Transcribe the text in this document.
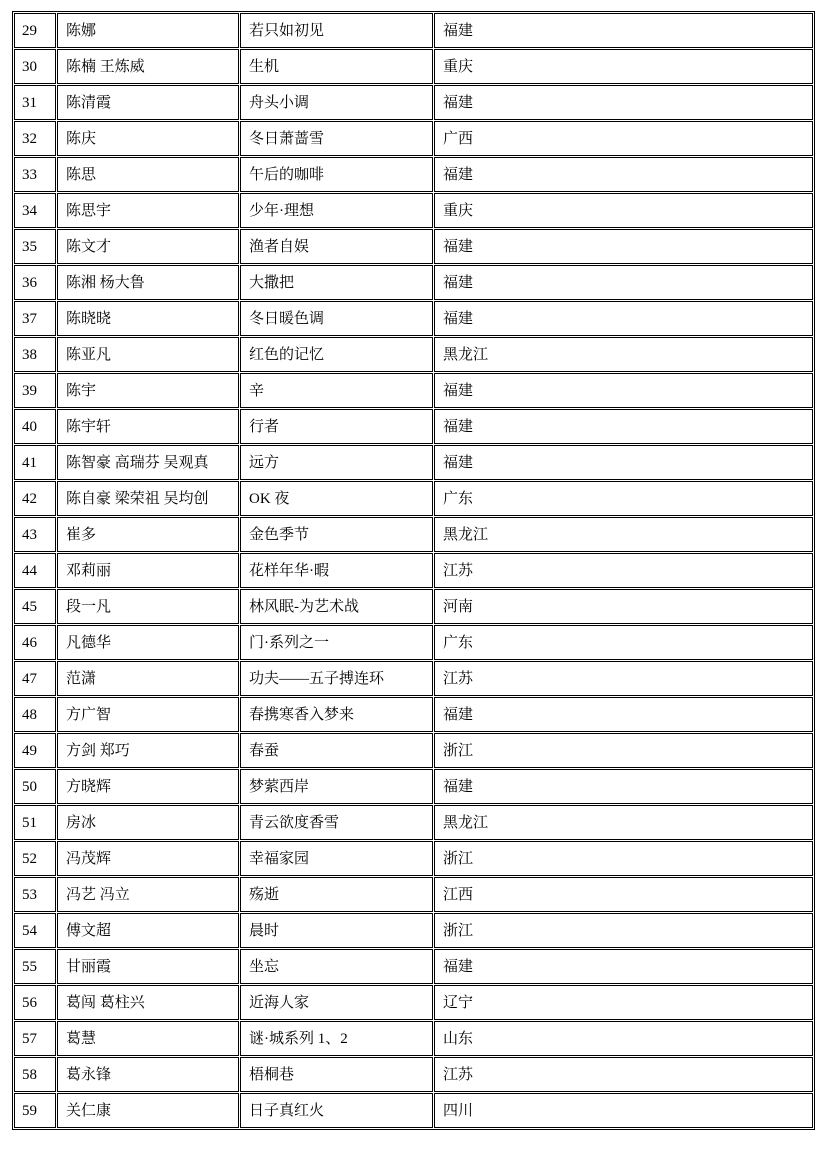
29	陈娜	若只如初见	福建
30	陈楠 王炼威	生机	重庆
31	陈清霞	舟头小调	福建
32	陈庆	冬日萧蔷雪	广西
33	陈思	午后的咖啡	福建
34	陈思宇	少年·理想	重庆
35	陈文才	渔者自娱	福建
36	陈湘 杨大鲁	大撒把	福建
37	陈晓晓	冬日暖色调	福建
38	陈亚凡	红色的记忆	黑龙江
39	陈宇	辛	福建
40	陈宇轩	行者	福建
41	陈智豪 高瑞芬 吴观真	远方	福建
42	陈自豪 梁荣祖 吴均创	OK 夜	广东
43	崔多	金色季节	黑龙江
44	邓莉丽	花样年华·暇	江苏
45	段一凡	林风眠-为艺术战	河南
46	凡德华	门·系列之一	广东
47	范潇	功夫——五子搏连环	江苏
48	方广智	春携寒香入梦来	福建
49	方剑 郑巧	春蚕	浙江
50	方晓辉	梦萦西岸	福建
51	房冰	青云欲度香雪	黑龙江
52	冯茂辉	幸福家园	浙江
53	冯艺 冯立	殇逝	江西
54	傅文超	晨时	浙江
55	甘丽霞	坐忘	福建
56	葛闯 葛柱兴	近海人家	辽宁
57	葛慧	谜·城系列 1、2	山东
58	葛永锋	梧桐巷	江苏
59	关仁康	日子真红火	四川
